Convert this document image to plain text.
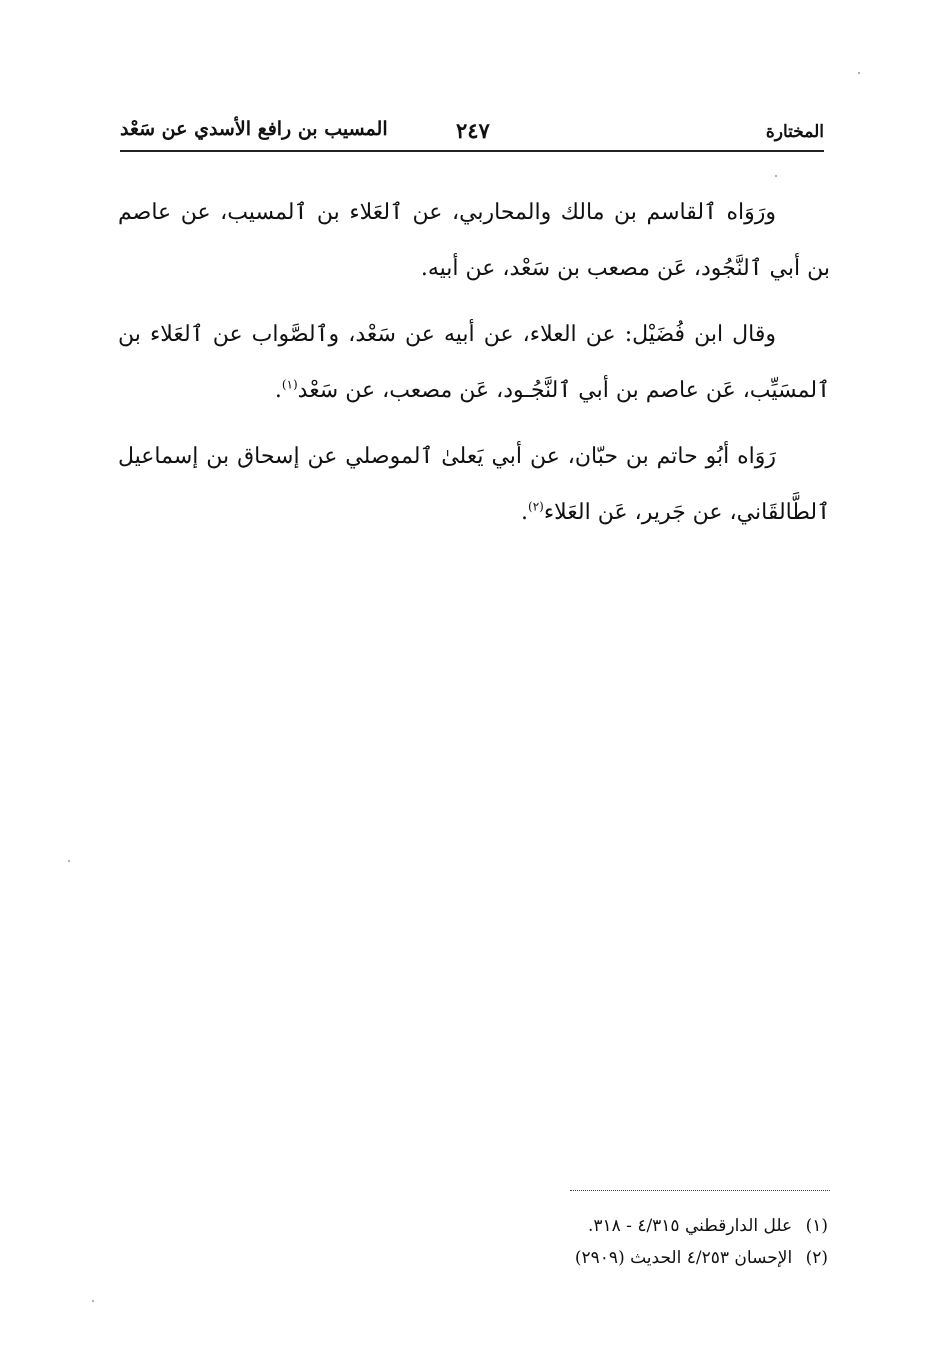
المختارة
٢٤٧
المسيب بن رافع الأسدي عن سَعْد

ورَوَاه ٱلقاسم بن مالك والمحاربي، عن ٱلعَلاء بن ٱلمسيب، عن عاصم بن أبي ٱلنَّجُود، عَن مصعب بن سَعْد، عن أبيه.

وقال ابن فُضَيْل: عن العلاء، عن أبيه عن سَعْد، وٱلصَّواب عن ٱلعَلاء بن ٱلمسَيِّب، عَن عاصم بن أبي ٱلنَّجُـود، عَن مصعب، عن سَعْد$^{(١)}$.

رَوَاه أبُو حاتم بن حبّان، عن أبي يَعلىٰ ٱلموصلي عن إسحاق بن إسماعيل ٱلطَّالقَاني، عن جَرير، عَن العَلاء$^{(٢)}$.

(١) علل الدارقطني ٤/٣١٥ - ٣١٨.
(٢) الإحسان ٤/٢٥٣ الحديث (٢٩٠٩)
